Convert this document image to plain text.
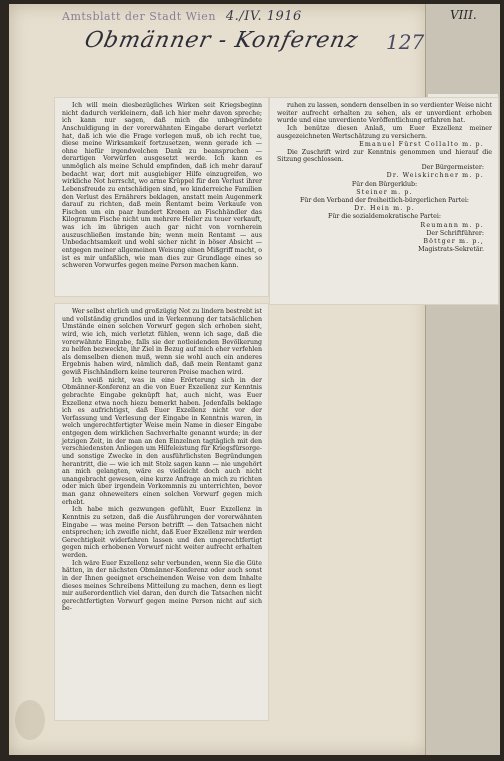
Amtsblatt der Stadt Wien 4./IV. 1916	VIII.
Obmänner - Konferenz	127

Ich will mein diesbezügliches Wirken seit Kriegsbeginn nicht dadurch verkleinern, daß ich hier mehr davon spreche; ich kann nur sagen, daß mich die unbegründete Anschuldigung in der vorerwähnten Eingabe derart verletzt hat, daß ich wie die Frage vorlegen muß, ob ich recht tue, diese meine Wirksamkeit fortzusetzen, wenn gerade ich — ohne hiefür irgendwelchen Dank zu beanspruchen — derartigen Vorwürfen ausgesetzt werde. Ich kann es unmöglich als meine Schuld empfinden, daß ich mehr darauf bedacht war, dort mit ausgiebiger Hilfe einzugreifen, wo wirkliche Not herrscht, wo arme Krüppel für den Verlust ihrer Lebensfreude zu entschädigen sind, wo kinderreiche Familien den Verlust des Ernährers beklagen, anstatt mein Augenmerk darauf zu richten, daß mein Rentamt beim Verkaufe von Fischen um ein paar hundert Kronen an Fischhändler das Kilogramm Fische nicht um mehrere Heller zu teuer verkauft, was ich im übrigen auch gar nicht von vornherein auszuschließen imstande bin; wenn mein Rentamt — aus Unbedachtsamkeit und wohl sicher nicht in böser Absicht — entgegen meiner allgemeinen Weisung einen Mißgriff macht, o ist es mir unfaßlich, wie man dies zur Grundlage eines so schweren Vorwurfes gegen meine Person machen kann.

Wer selbst ehrlich und großzügig Not zu lindern bestrebt ist und vollständig grundlos und in Verkennung der tatsächlichen Umstände einen solchen Vorwurf gegen sich erhoben sieht, wird, wie ich, mich verletzt fühlen, wenn ich sage, daß die vorerwähnte Eingabe, falls sie der notleidenden Bevölkerung zu helfen bezweckte, ihr Ziel in Bezug auf mich eher verfehlen als demselben dienen muß, wenn sie wohl auch ein anderes Ergebnis haben wird, nämlich daß, daß mein Rentamt ganz gewiß Fischhändlern keine teureren Preise machen wird.

Ich weiß nicht, was in eine Erörterung sich in der Obmänner-Konferenz an die von Euer Exzellenz zur Kenntnis gebrachte Eingabe geknüpft hat, auch nicht, was Euer Exzellenz etwa noch hiezu bemerkt haben. Jedenfalls beklage ich es aufrichtigst, daß Euer Exzellenz nicht vor der Verfassung und Verlesung der Eingabe in Kenntnis waren, in welch ungerechtfertigter Weise mein Name in dieser Eingabe entgegen dem wirklichen Sachverhalte genannt wurde; in der jetzigen Zeit, in der man an den Einzelnen tagtäglich mit den verschiedensten Anliegen um Hilfeleistung für Kriegsfürsorge- und sonstige Zwecke in den ausführlichsten Begründungen herantritt, die — wie ich mit Stolz sagen kann — nie ungehört an mich gelangten, wäre es vielleicht doch auch nicht unangebracht gewesen, eine kurze Anfrage an mich zu richten oder mich über irgendein Vorkommnis zu unterrichten, bevor man ganz ohneweiters einen solchen Vorwurf gegen mich erhebt.

Ich habe mich gezwungen gefühlt, Euer Exzellenz in Kenntnis zu setzen, daß die Ausführungen der vorerwähnten Eingabe — was meine Person betrifft — den Tatsachen nicht entsprechen; ich zweifle nicht, daß Euer Exzellenz mir werden Gerechtigkeit widerfahren lassen und den ungerechtfertigt gegen mich erhobenen Vorwurf nicht weiter aufrecht erhalten werden.

Ich wäre Euer Exzellenz sehr verbunden, wenn Sie die Güte hätten, in der nächsten Obmänner-Konferenz oder auch sonst in der Ihnen geeignet erscheinenden Weise von dem Inhalte dieses meines Schreibens Mitteilung zu machen, denn es liegt mir außerordentlich viel daran, den durch die Tatsachen nicht gerechtfertigten Vorwurf gegen meine Person nicht auf sich be-

ruhen zu lassen, sondern denselben in so verdienter Weise nicht weiter aufrecht erhalten zu sehen, als er unverdient erhoben wurde und eine unverdiente Veröffentlichung erfahren hat.

Ich benütze diesen Anlaß, um Euer Exzellenz meiner ausgezeichneten Wertschätzung zu versichern.

Emanuel Fürst Collalto m. p.

Die Zuschrift wird zur Kenntnis genommen und hierauf die Sitzung geschlossen.

Der Bürgermeister:
Dr. Weiskirchner m. p.
Für den Bürgerklub:
Steiner m. p.
Für den Verband der freiheitlich-bürgerlichen Partei:
Dr. Hein m. p.
Für die sozialdemokratische Partei:
Reumann m. p.
Der Schriftführer:
Böttger m. p.,
Magistrats-Sekretär.
